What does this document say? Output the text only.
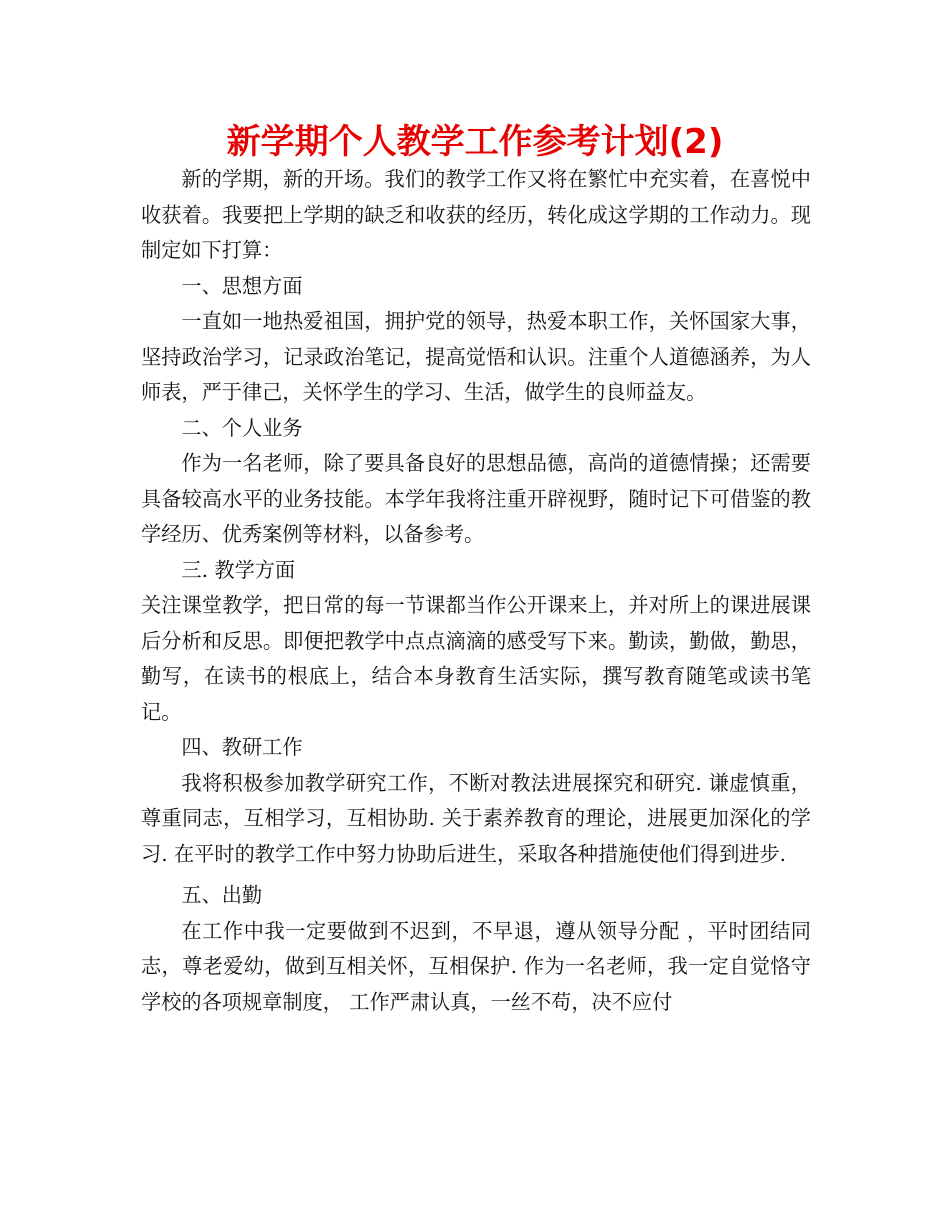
新学期个人教学工作参考计划(2)

新的学期，新的开场。我们的教学工作又将在繁忙中充实着，在喜悦中收获着。我要把上学期的缺乏和收获的经历，转化成这学期的工作动力。现制定如下打算：

一、思想方面

一直如一地热爱祖国，拥护党的领导，热爱本职工作，关怀国家大事，坚持政治学习，记录政治笔记，提高觉悟和认识。注重个人道德涵养，为人师表，严于律己，关怀学生的学习、生活，做学生的良师益友。

二、个人业务

作为一名老师，除了要具备良好的思想品德，高尚的道德情操；还需要具备较高水平的业务技能。本学年我将注重开辟视野，随时记下可借鉴的教学经历、优秀案例等材料，以备参考。

三. 教学方面

关注课堂教学，把日常的每一节课都当作公开课来上，并对所上的课进展课后分析和反思。即便把教学中点点滴滴的感受写下来。勤读，勤做，勤思，勤写，在读书的根底上，结合本身教育生活实际，撰写教育随笔或读书笔记。

四、教研工作

我将积极参加教学研究工作，不断对教法进展探究和研究. 谦虚慎重，尊重同志，互相学习，互相协助. 关于素养教育的理论，进展更加深化的学习. 在平时的教学工作中努力协助后进生，采取各种措施使他们得到进步.

五、出勤

在工作中我一定要做到不迟到，不早退，遵从领导分配 ，平时团结同志，尊老爱幼，做到互相关怀，互相保护. 作为一名老师，我一定自觉恪守学校的各项规章制度， 工作严肃认真，一丝不苟，决不应付
